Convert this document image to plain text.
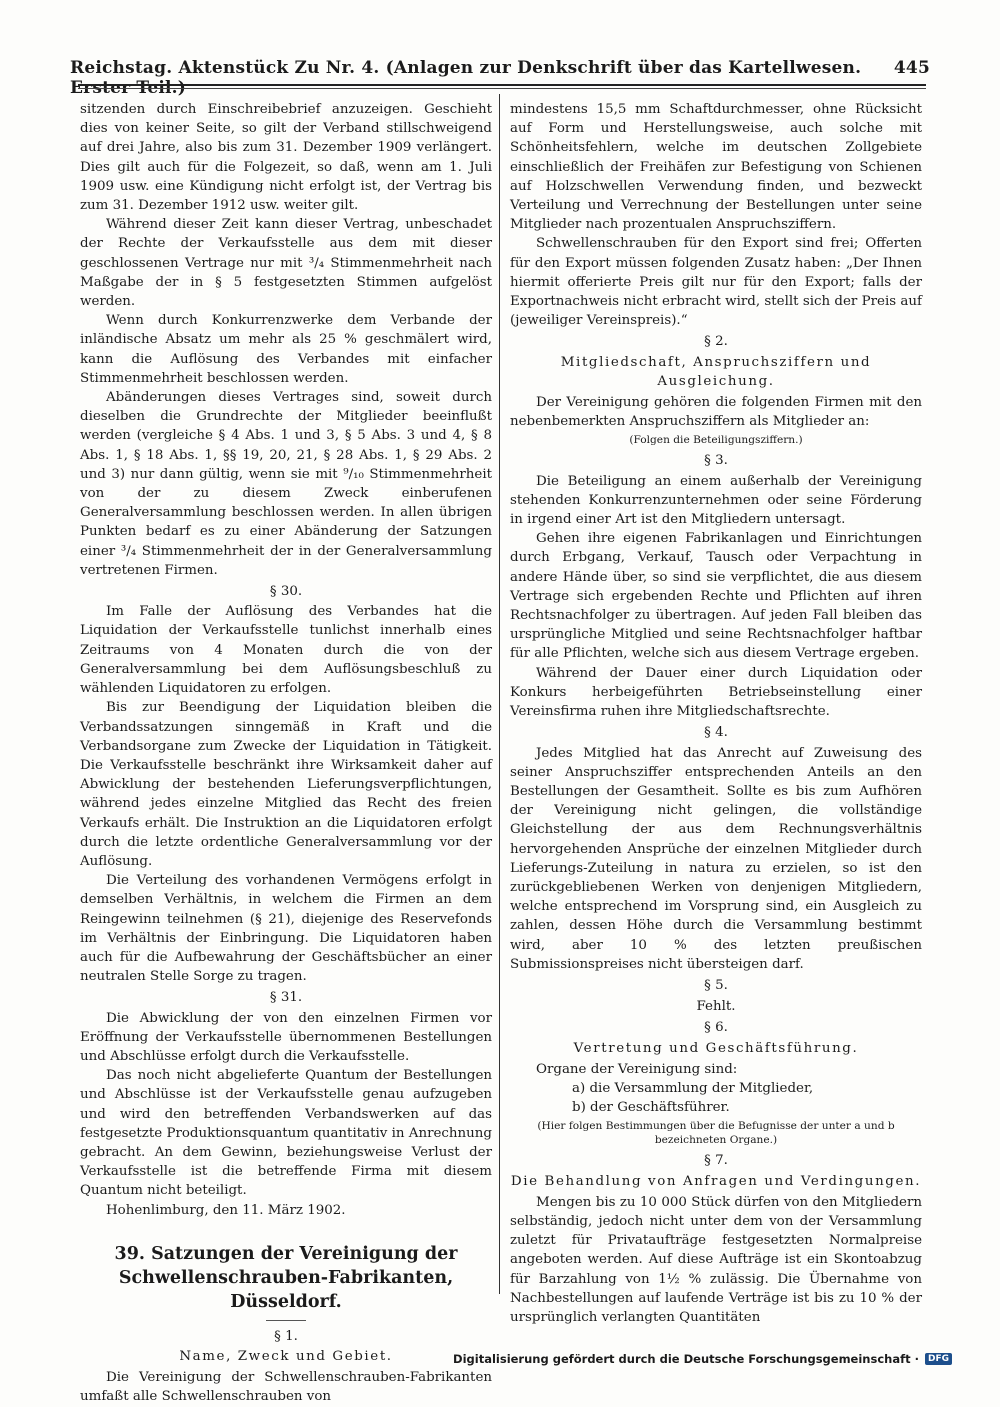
Reichstag. Aktenstück Zu Nr. 4. (Anlagen zur Denkschrift über das Kartellwesen. Erster Teil.)
445

sitzenden durch Einschreibebrief anzuzeigen. Geschieht dies von keiner Seite, so gilt der Verband stillschweigend auf drei Jahre, also bis zum 31. Dezember 1909 verlängert. Dies gilt auch für die Folgezeit, so daß, wenn am 1. Juli 1909 usw. eine Kündigung nicht erfolgt ist, der Vertrag bis zum 31. Dezember 1912 usw. weiter gilt.

Während dieser Zeit kann dieser Vertrag, unbeschadet der Rechte der Verkaufsstelle aus dem mit dieser geschlossenen Vertrage nur mit ³/₄ Stimmenmehrheit nach Maßgabe der in § 5 festgesetzten Stimmen aufgelöst werden.

Wenn durch Konkurrenzwerke dem Verbande der inländische Absatz um mehr als 25 % geschmälert wird, kann die Auflösung des Verbandes mit einfacher Stimmenmehrheit beschlossen werden.

Abänderungen dieses Vertrages sind, soweit durch dieselben die Grundrechte der Mitglieder beeinflußt werden (vergleiche § 4 Abs. 1 und 3, § 5 Abs. 3 und 4, § 8 Abs. 1, § 18 Abs. 1, §§ 19, 20, 21, § 28 Abs. 1, § 29 Abs. 2 und 3) nur dann gültig, wenn sie mit ⁹/₁₀ Stimmenmehrheit von der zu diesem Zweck einberufenen Generalversammlung beschlossen werden. In allen übrigen Punkten bedarf es zu einer Abänderung der Satzungen einer ³/₄ Stimmenmehrheit der in der Generalversammlung vertretenen Firmen.

§ 30.

Im Falle der Auflösung des Verbandes hat die Liquidation der Verkaufsstelle tunlichst innerhalb eines Zeitraums von 4 Monaten durch die von der Generalversammlung bei dem Auflösungsbeschluß zu wählenden Liquidatoren zu erfolgen.

Bis zur Beendigung der Liquidation bleiben die Verbandssatzungen sinngemäß in Kraft und die Verbandsorgane zum Zwecke der Liquidation in Tätigkeit. Die Verkaufsstelle beschränkt ihre Wirksamkeit daher auf Abwicklung der bestehenden Lieferungsverpflichtungen, während jedes einzelne Mitglied das Recht des freien Verkaufs erhält. Die Instruktion an die Liquidatoren erfolgt durch die letzte ordentliche Generalversammlung vor der Auflösung.

Die Verteilung des vorhandenen Vermögens erfolgt in demselben Verhältnis, in welchem die Firmen an dem Reingewinn teilnehmen (§ 21), diejenige des Reservefonds im Verhältnis der Einbringung. Die Liquidatoren haben auch für die Aufbewahrung der Geschäftsbücher an einer neutralen Stelle Sorge zu tragen.

§ 31.

Die Abwicklung der von den einzelnen Firmen vor Eröffnung der Verkaufsstelle übernommenen Bestellungen und Abschlüsse erfolgt durch die Verkaufsstelle.

Das noch nicht abgelieferte Quantum der Bestellungen und Abschlüsse ist der Verkaufsstelle genau aufzugeben und wird den betreffenden Verbandswerken auf das festgesetzte Produktionsquantum quantitativ in Anrechnung gebracht. An dem Gewinn, beziehungsweise Verlust der Verkaufsstelle ist die betreffende Firma mit diesem Quantum nicht beteiligt.

Hohenlimburg, den 11. März 1902.

39. Satzungen der Vereinigung der Schwellenschrauben-Fabrikanten, Düsseldorf.
§ 1.
Name, Zweck und Gebiet.

Die Vereinigung der Schwellenschrauben-Fabrikanten umfaßt alle Schwellenschrauben von

mindestens 15,5 mm Schaftdurchmesser, ohne Rücksicht auf Form und Herstellungsweise, auch solche mit Schönheitsfehlern, welche im deutschen Zollgebiete einschließlich der Freihäfen zur Befestigung von Schienen auf Holzschwellen Verwendung finden, und bezweckt Verteilung und Verrechnung der Bestellungen unter seine Mitglieder nach prozentualen Anspruchsziffern.

Schwellenschrauben für den Export sind frei; Offerten für den Export müssen folgenden Zusatz haben: „Der Ihnen hiermit offerierte Preis gilt nur für den Export; falls der Exportnachweis nicht erbracht wird, stellt sich der Preis auf (jeweiliger Vereinspreis).“

§ 2.
Mitgliedschaft, Anspruchsziffern und Ausgleichung.

Der Vereinigung gehören die folgenden Firmen mit den nebenbemerkten Anspruchsziffern als Mitglieder an:

(Folgen die Beteiligungsziffern.)
§ 3.

Die Beteiligung an einem außerhalb der Vereinigung stehenden Konkurrenzunternehmen oder seine Förderung in irgend einer Art ist den Mitgliedern untersagt.

Gehen ihre eigenen Fabrikanlagen und Einrichtungen durch Erbgang, Verkauf, Tausch oder Verpachtung in andere Hände über, so sind sie verpflichtet, die aus diesem Vertrage sich ergebenden Rechte und Pflichten auf ihren Rechtsnachfolger zu übertragen. Auf jeden Fall bleiben das ursprüngliche Mitglied und seine Rechtsnachfolger haftbar für alle Pflichten, welche sich aus diesem Vertrage ergeben.

Während der Dauer einer durch Liquidation oder Konkurs herbeigeführten Betriebseinstellung einer Vereinsfirma ruhen ihre Mitgliedschaftsrechte.

§ 4.

Jedes Mitglied hat das Anrecht auf Zuweisung des seiner Anspruchsziffer entsprechenden Anteils an den Bestellungen der Gesamtheit. Sollte es bis zum Aufhören der Vereinigung nicht gelingen, die vollständige Gleichstellung der aus dem Rechnungsverhältnis hervorgehenden Ansprüche der einzelnen Mitglieder durch Lieferungs-Zuteilung in natura zu erzielen, so ist den zurückgebliebenen Werken von denjenigen Mitgliedern, welche entsprechend im Vorsprung sind, ein Ausgleich zu zahlen, dessen Höhe durch die Versammlung bestimmt wird, aber 10 % des letzten preußischen Submissionspreises nicht übersteigen darf.

§ 5.
Fehlt.
§ 6.
Vertretung und Geschäftsführung.

Organe der Vereinigung sind:

a) die Versammlung der Mitglieder,
b) der Geschäftsführer.
(Hier folgen Bestimmungen über die Befugnisse der unter a und b bezeichneten Organe.)
§ 7.
Die Behandlung von Anfragen und Verdingungen.

Mengen bis zu 10 000 Stück dürfen von den Mitgliedern selbständig, jedoch nicht unter dem von der Versammlung zuletzt für Privataufträge festgesetzten Normalpreise angeboten werden. Auf diese Aufträge ist ein Skontoabzug für Barzahlung von 1½ % zulässig. Die Übernahme von Nachbestellungen auf laufende Verträge ist bis zu 10 % der ursprünglich verlangten Quantitäten

Digitalisierung gefördert durch die Deutsche Forschungsgemeinschaft ·	DFG
